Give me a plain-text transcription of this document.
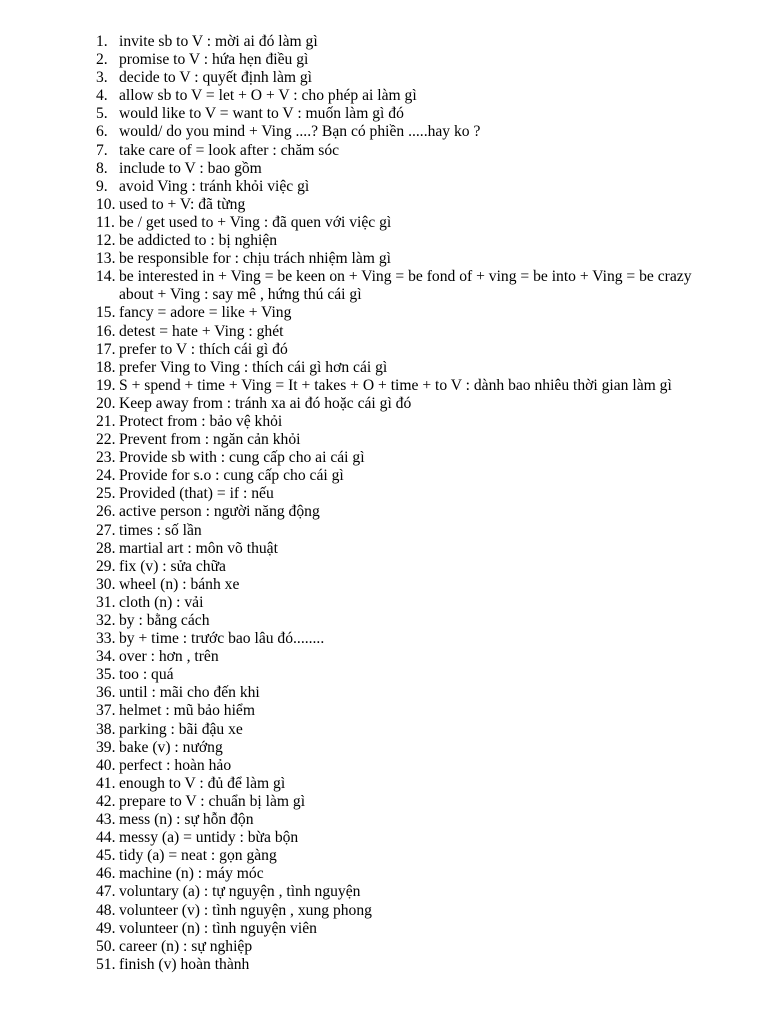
1. invite sb to V : mời ai đó làm gì
2. promise to V : hứa hẹn điều gì
3. decide to V : quyết định làm gì
4. allow sb to V = let + O + V : cho phép ai làm gì
5. would like to V = want to V : muốn làm gì đó
6. would/ do you mind + Ving ....? Bạn có phiền .....hay ko ?
7. take care of = look after : chăm sóc
8. include to V : bao gồm
9. avoid Ving : tránh khỏi việc gì
10. used to + V: đã từng
11. be / get used to + Ving : đã quen với việc gì
12. be addicted to : bị nghiện
13. be responsible for : chịu trách nhiệm làm gì
14. be interested in + Ving = be keen on + Ving = be fond of + ving = be into + Ving = be crazy about + Ving : say mê , hứng thú cái gì
15. fancy = adore = like + Ving
16. detest = hate + Ving : ghét
17. prefer to V : thích cái gì đó
18. prefer Ving to Ving : thích cái gì hơn cái gì
19. S + spend + time + Ving = It + takes + O + time + to V : dành bao nhiêu thời gian làm gì
20. Keep away from : tránh xa ai đó hoặc cái gì đó
21. Protect from : bảo vệ khỏi
22. Prevent from : ngăn cản khỏi
23. Provide sb with : cung cấp cho ai cái gì
24. Provide for s.o : cung cấp cho cái gì
25. Provided (that) = if : nếu
26. active person : người năng động
27. times : số lần
28. martial art : môn võ thuật
29. fix (v) : sửa chữa
30. wheel (n) : bánh xe
31. cloth (n) : vải
32. by : bằng cách
33. by + time : trước bao lâu đó........
34. over : hơn , trên
35. too : quá
36. until : mãi cho đến khi
37. helmet : mũ bảo hiểm
38. parking : bãi đậu xe
39. bake (v) : nướng
40. perfect : hoàn hảo
41. enough to V : đủ để làm gì
42. prepare to V : chuẩn bị làm gì
43. mess (n) : sự hỗn độn
44. messy (a) = untidy : bừa bộn
45. tidy (a) = neat : gọn gàng
46. machine (n) : máy móc
47. voluntary (a) : tự nguyện , tình nguyện
48. volunteer (v) : tình nguyện , xung phong
49. volunteer (n) : tình nguyện viên
50. career (n) : sự nghiệp
51. finish (v) hoàn thành
